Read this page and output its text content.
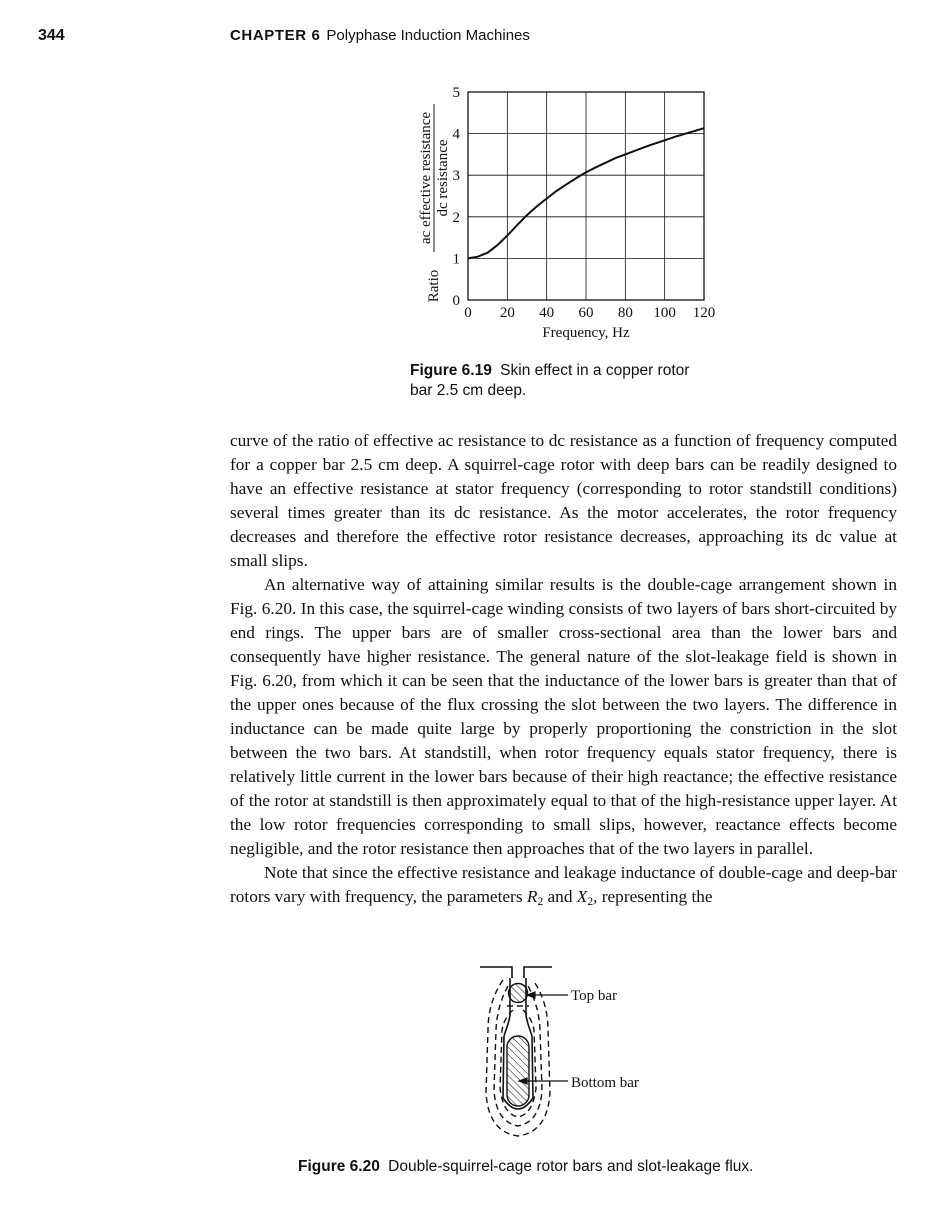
344	CHAPTER 6 Polyphase Induction Machines
0
1
2
3
4
5
0 20 40 60 80 100 120
Frequency, Hz
ac effective resistance dc resistance
Ratio
Figure 6.19 Skin effect in a copper rotor bar 2.5 cm deep.

curve of the ratio of effective ac resistance to dc resistance as a function of frequency computed for a copper bar 2.5 cm deep. A squirrel-cage rotor with deep bars can be readily designed to have an effective resistance at stator frequency (corresponding to rotor standstill conditions) several times greater than its dc resistance. As the motor accelerates, the rotor frequency decreases and therefore the effective rotor resistance decreases, approaching its dc value at small slips.

An alternative way of attaining similar results is the double-cage arrangement shown in Fig. 6.20. In this case, the squirrel-cage winding consists of two layers of bars short-circuited by end rings. The upper bars are of smaller cross-sectional area than the lower bars and consequently have higher resistance. The general nature of the slot-leakage field is shown in Fig. 6.20, from which it can be seen that the inductance of the lower bars is greater than that of the upper ones because of the flux crossing the slot between the two layers. The difference in inductance can be made quite large by properly proportioning the constriction in the slot between the two bars. At standstill, when rotor frequency equals stator frequency, there is relatively little current in the lower bars because of their high reactance; the effective resistance of the rotor at standstill is then approximately equal to that of the high-resistance upper layer. At the low rotor frequencies corresponding to small slips, however, reactance effects become negligible, and the rotor resistance then approaches that of the two layers in parallel.

Note that since the effective resistance and leakage inductance of double-cage and deep-bar rotors vary with frequency, the parameters $R_2$ and $X_2$, representing the

Top bar
Bottom bar
Figure 6.20 Double-squirrel-cage rotor bars and slot-leakage flux.
